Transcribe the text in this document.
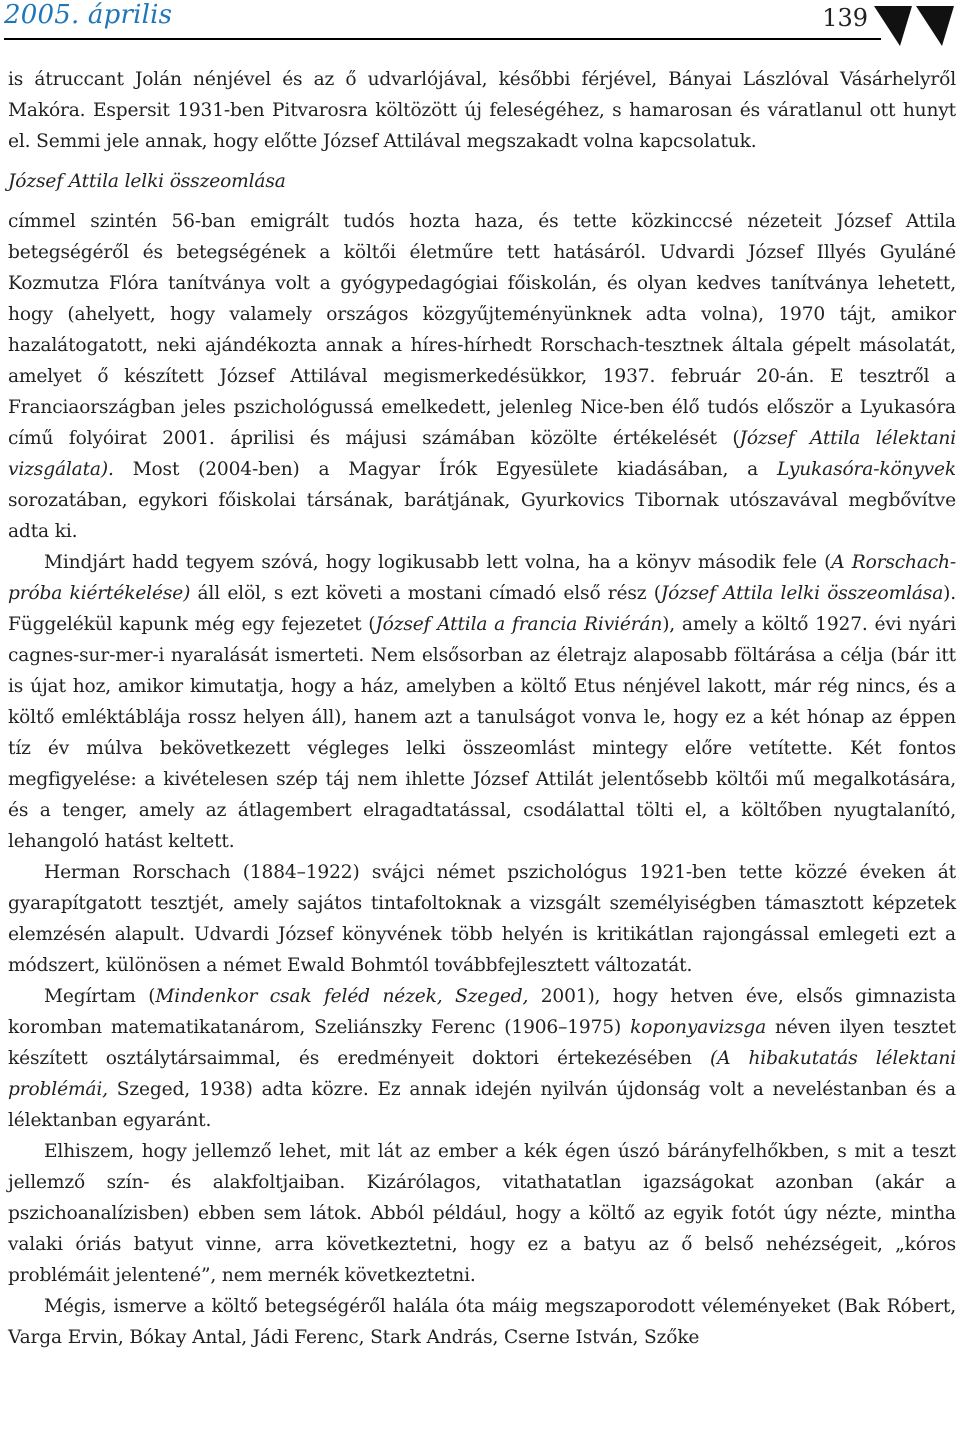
2005. április	139

is átruccant Jolán nénjével és az ő udvarlójával, későbbi férjével, Bányai Lászlóval Vásárhelyről Makóra. Espersit 1931-ben Pitvarosra költözött új feleségéhez, s hamarosan és váratlanul ott hunyt el. Semmi jele annak, hogy előtte József Attilával megszakadt volna kapcsolatuk.

József Attila lelki összeomlása

címmel szintén 56-ban emigrált tudós hozta haza, és tette közkinccsé nézeteit József Attila betegségéről és betegségének a költői életműre tett hatásáról. Udvardi József Illyés Gyuláné Kozmutza Flóra tanítványa volt a gyógypedagógiai főiskolán, és olyan kedves tanítványa lehetett, hogy (ahelyett, hogy valamely országos közgyűjteményünknek adta volna), 1970 tájt, amikor hazalátogatott, neki ajándékozta annak a híres-hírhedt Rorschach-tesztnek általa gépelt másolatát, amelyet ő készített József Attilával megismerkedésükkor, 1937. február 20-án. E tesztről a Franciaországban jeles pszichológussá emelkedett, jelenleg Nice-ben élő tudós először a Lyukasóra című folyóirat 2001. áprilisi és májusi számában közölte értékelését (József Attila lélektani vizsgálata). Most (2004-ben) a Magyar Írók Egyesülete kiadásában, a Lyukasóra-könyvek sorozatában, egykori főiskolai társának, barátjának, Gyurkovics Tibornak utószavával megbővítve adta ki.

Mindjárt hadd tegyem szóvá, hogy logikusabb lett volna, ha a könyv második fele (A Rorschach-próba kiértékelése) áll elöl, s ezt követi a mostani címadó első rész (József Attila lelki összeomlása). Függelékül kapunk még egy fejezetet (József Attila a francia Riviérán), amely a költő 1927. évi nyári cagnes-sur-mer-i nyaralását ismerteti. Nem elsősorban az életrajz alaposabb föltárása a célja (bár itt is újat hoz, amikor kimutatja, hogy a ház, amelyben a költő Etus nénjével lakott, már rég nincs, és a költő emléktáblája rossz helyen áll), hanem azt a tanulságot vonva le, hogy ez a két hónap az éppen tíz év múlva bekövetkezett végleges lelki összeomlást mintegy előre vetítette. Két fontos megfigyelése: a kivételesen szép táj nem ihlette József Attilát jelentősebb költői mű megalkotására, és a tenger, amely az átlagembert elragadtatással, csodálattal tölti el, a költőben nyugtalanító, lehangoló hatást keltett.

Herman Rorschach (1884–1922) svájci német pszichológus 1921-ben tette közzé éveken át gyarapítgatott tesztjét, amely sajátos tintafoltoknak a vizsgált személyiségben támasztott képzetek elemzésén alapult. Udvardi József könyvének több helyén is kritikátlan rajongással emlegeti ezt a módszert, különösen a német Ewald Bohmtól továbbfejlesztett változatát.

Megírtam (Mindenkor csak feléd nézek, Szeged, 2001), hogy hetven éve, elsős gimnazista koromban matematikatanárom, Szeliánszky Ferenc (1906–1975) koponyavizsga néven ilyen tesztet készített osztálytársaimmal, és eredményeit doktori értekezésében (A hibakutatás lélektani problémái, Szeged, 1938) adta közre. Ez annak idején nyilván újdonság volt a neveléstanban és a lélektanban egyaránt.

Elhiszem, hogy jellemző lehet, mit lát az ember a kék égen úszó bárányfelhőkben, s mit a teszt jellemző szín- és alakfoltjaiban. Kizárólagos, vitathatatlan igazságokat azonban (akár a pszichoanalízisben) ebben sem látok. Abból például, hogy a költő az egyik fotót úgy nézte, mintha valaki óriás batyut vinne, arra következtetni, hogy ez a batyu az ő belső nehézségeit, „kóros problémáit jelentené”, nem mernék következtetni.

Mégis, ismerve a költő betegségéről halála óta máig megszaporodott véleményeket (Bak Róbert, Varga Ervin, Bókay Antal, Jádi Ferenc, Stark András, Cserne István, Szőke
